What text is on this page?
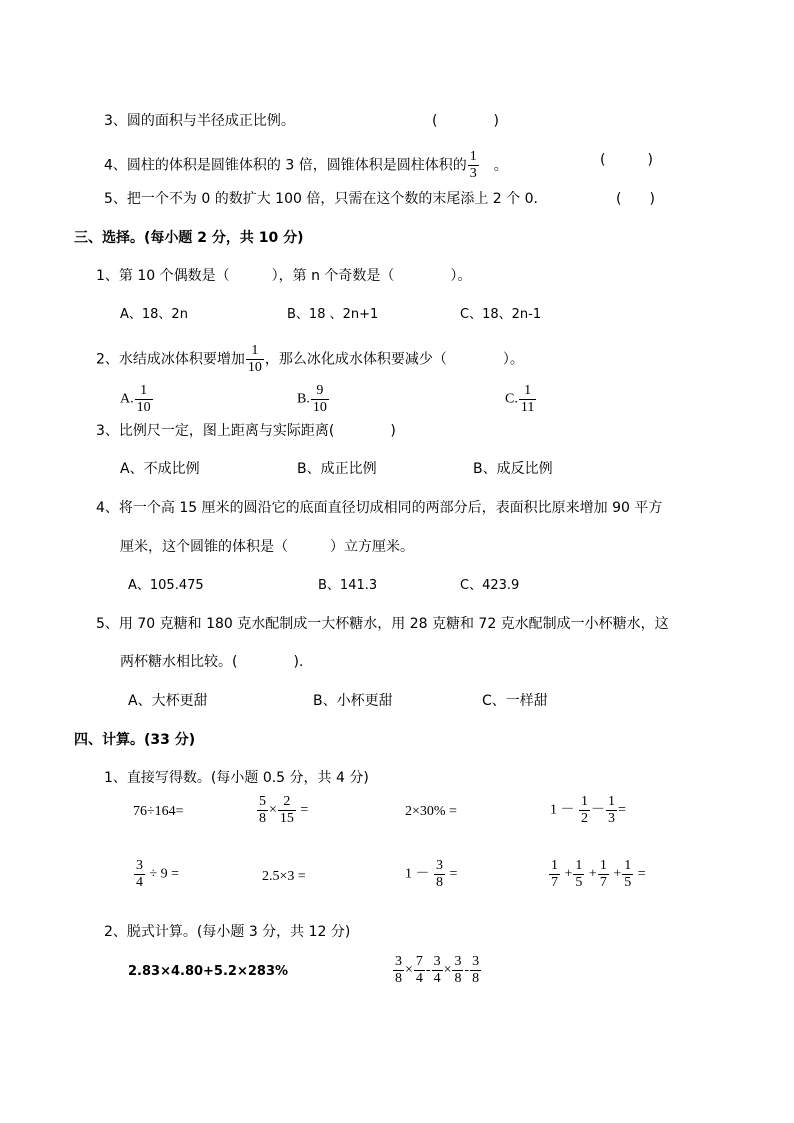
3、圆的面积与半径成正比例。	(　　　　)
4、圆柱的体积是圆锥体积的 3 倍，圆锥体积是圆柱体积的 $\frac{1}{3}$ 。	(　　　)
5、把一个不为 0 的数扩大 100 倍，只需在这个数的末尾添上 2 个 0.	(　　)
三、选择。(每小题 2 分，共 10 分)
1、第 10 个偶数是（　　　），第 n 个奇数是（　　　　）。
A、18、2n	B、18 、2n+1	C、18、2n-1
2、水结成冰体积要增加 $\frac{1}{10}$ ，那么冰化成水体积要减少（　　　　）。
A. $\frac{1}{10}$	B. $\frac{9}{10}$	C. $\frac{1}{11}$
3、比例尺一定，图上距离与实际距离(　　　　)
A、不成比例	B、成正比例	B、成反比例
4、将一个高 15 厘米的圆沿它的底面直径切成相同的两部分后，表面积比原来增加 90 平方
厘米，这个圆锥的体积是（　　　）立方厘米。
A、105.475	B、141.3	C、423.9
5、用 70 克糖和 180 克水配制成一大杯糖水，用 28 克糖和 72 克水配制成一小杯糖水，这
两杯糖水相比较。(　　　　).
A、大杯更甜	B、小杯更甜	C、一样甜
四、计算。(33 分)
1、直接写得数。(每小题 0.5 分，共 4 分)
76÷164=	$\frac{5}{8} \times \frac{2}{15}$ =	2×30% =	$1 - \frac{1}{2} - \frac{1}{3}$ =
$\frac{3}{4} \div 9$ =	2.5×3 =	$1 - \frac{3}{8}$ =	$\frac{1}{7} + \frac{1}{5} + \frac{1}{7} + \frac{1}{5}$ =
2、脱式计算。(每小题 3 分，共 12 分)
2.83×4.80+5.2×283%	$\frac{3}{8} \times \frac{7}{4} - \frac{3}{4} \times \frac{3}{8} - \frac{3}{8}$
